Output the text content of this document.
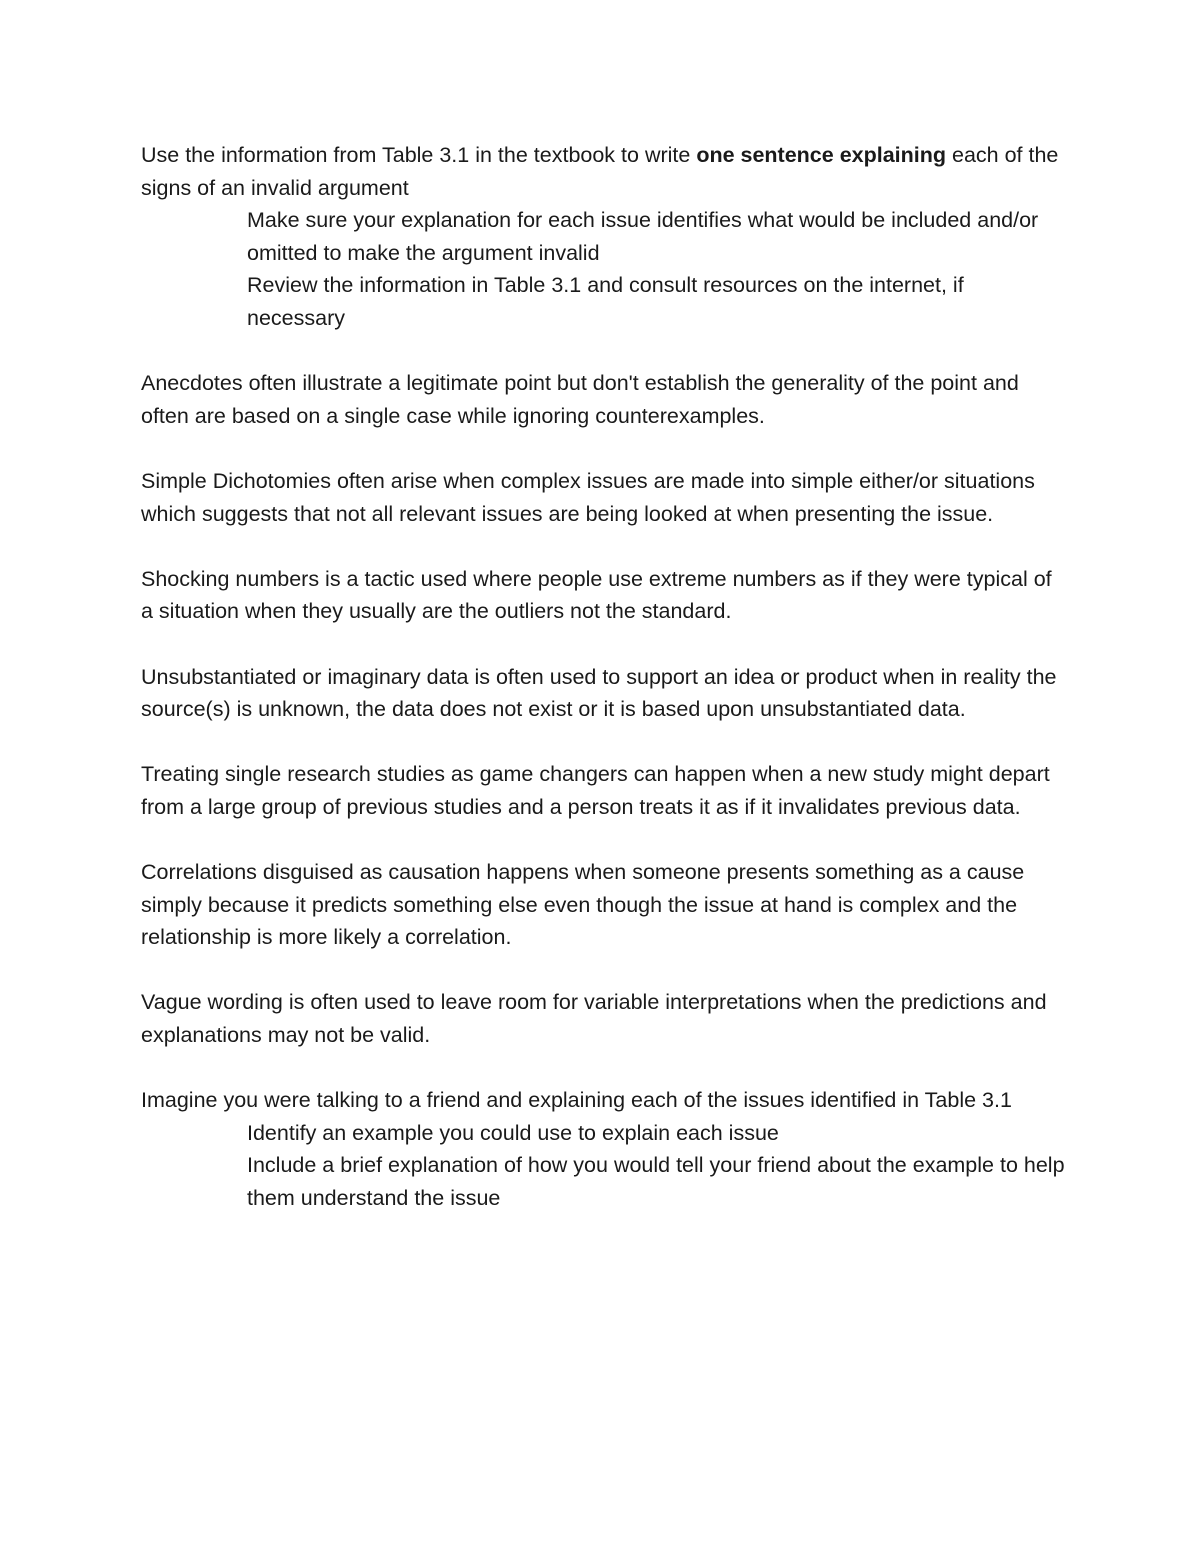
Use the information from Table 3.1 in the textbook to write one sentence explaining each of the signs of an invalid argument

Make sure your explanation for each issue identifies what would be included and/or omitted to make the argument invalid

Review the information in Table 3.1 and consult resources on the internet, if necessary

Anecdotes often illustrate a legitimate point but don't establish the generality of the point and often are based on a single case while ignoring counterexamples.

Simple Dichotomies often arise when complex issues are made into simple either/or situations which suggests that not all relevant issues are being looked at when presenting the issue.

Shocking numbers is a tactic used where people use extreme numbers as if they were typical of a situation when they usually are the outliers not the standard.

Unsubstantiated or imaginary data is often used to support an idea or product when in reality the source(s) is unknown, the data does not exist or it is based upon unsubstantiated data.

Treating single research studies as game changers can happen when a new study might depart from a large group of previous studies and a person treats it as if it invalidates previous data.

Correlations disguised as causation happens when someone presents something as a cause simply because it predicts something else even though the issue at hand is complex and the relationship is more likely a correlation.

Vague wording is often used to leave room for variable interpretations when the predictions and explanations may not be valid.

Imagine you were talking to a friend and explaining each of the issues identified in Table 3.1

Identify an example you could use to explain each issue

Include a brief explanation of how you would tell your friend about the example to help them understand the issue
